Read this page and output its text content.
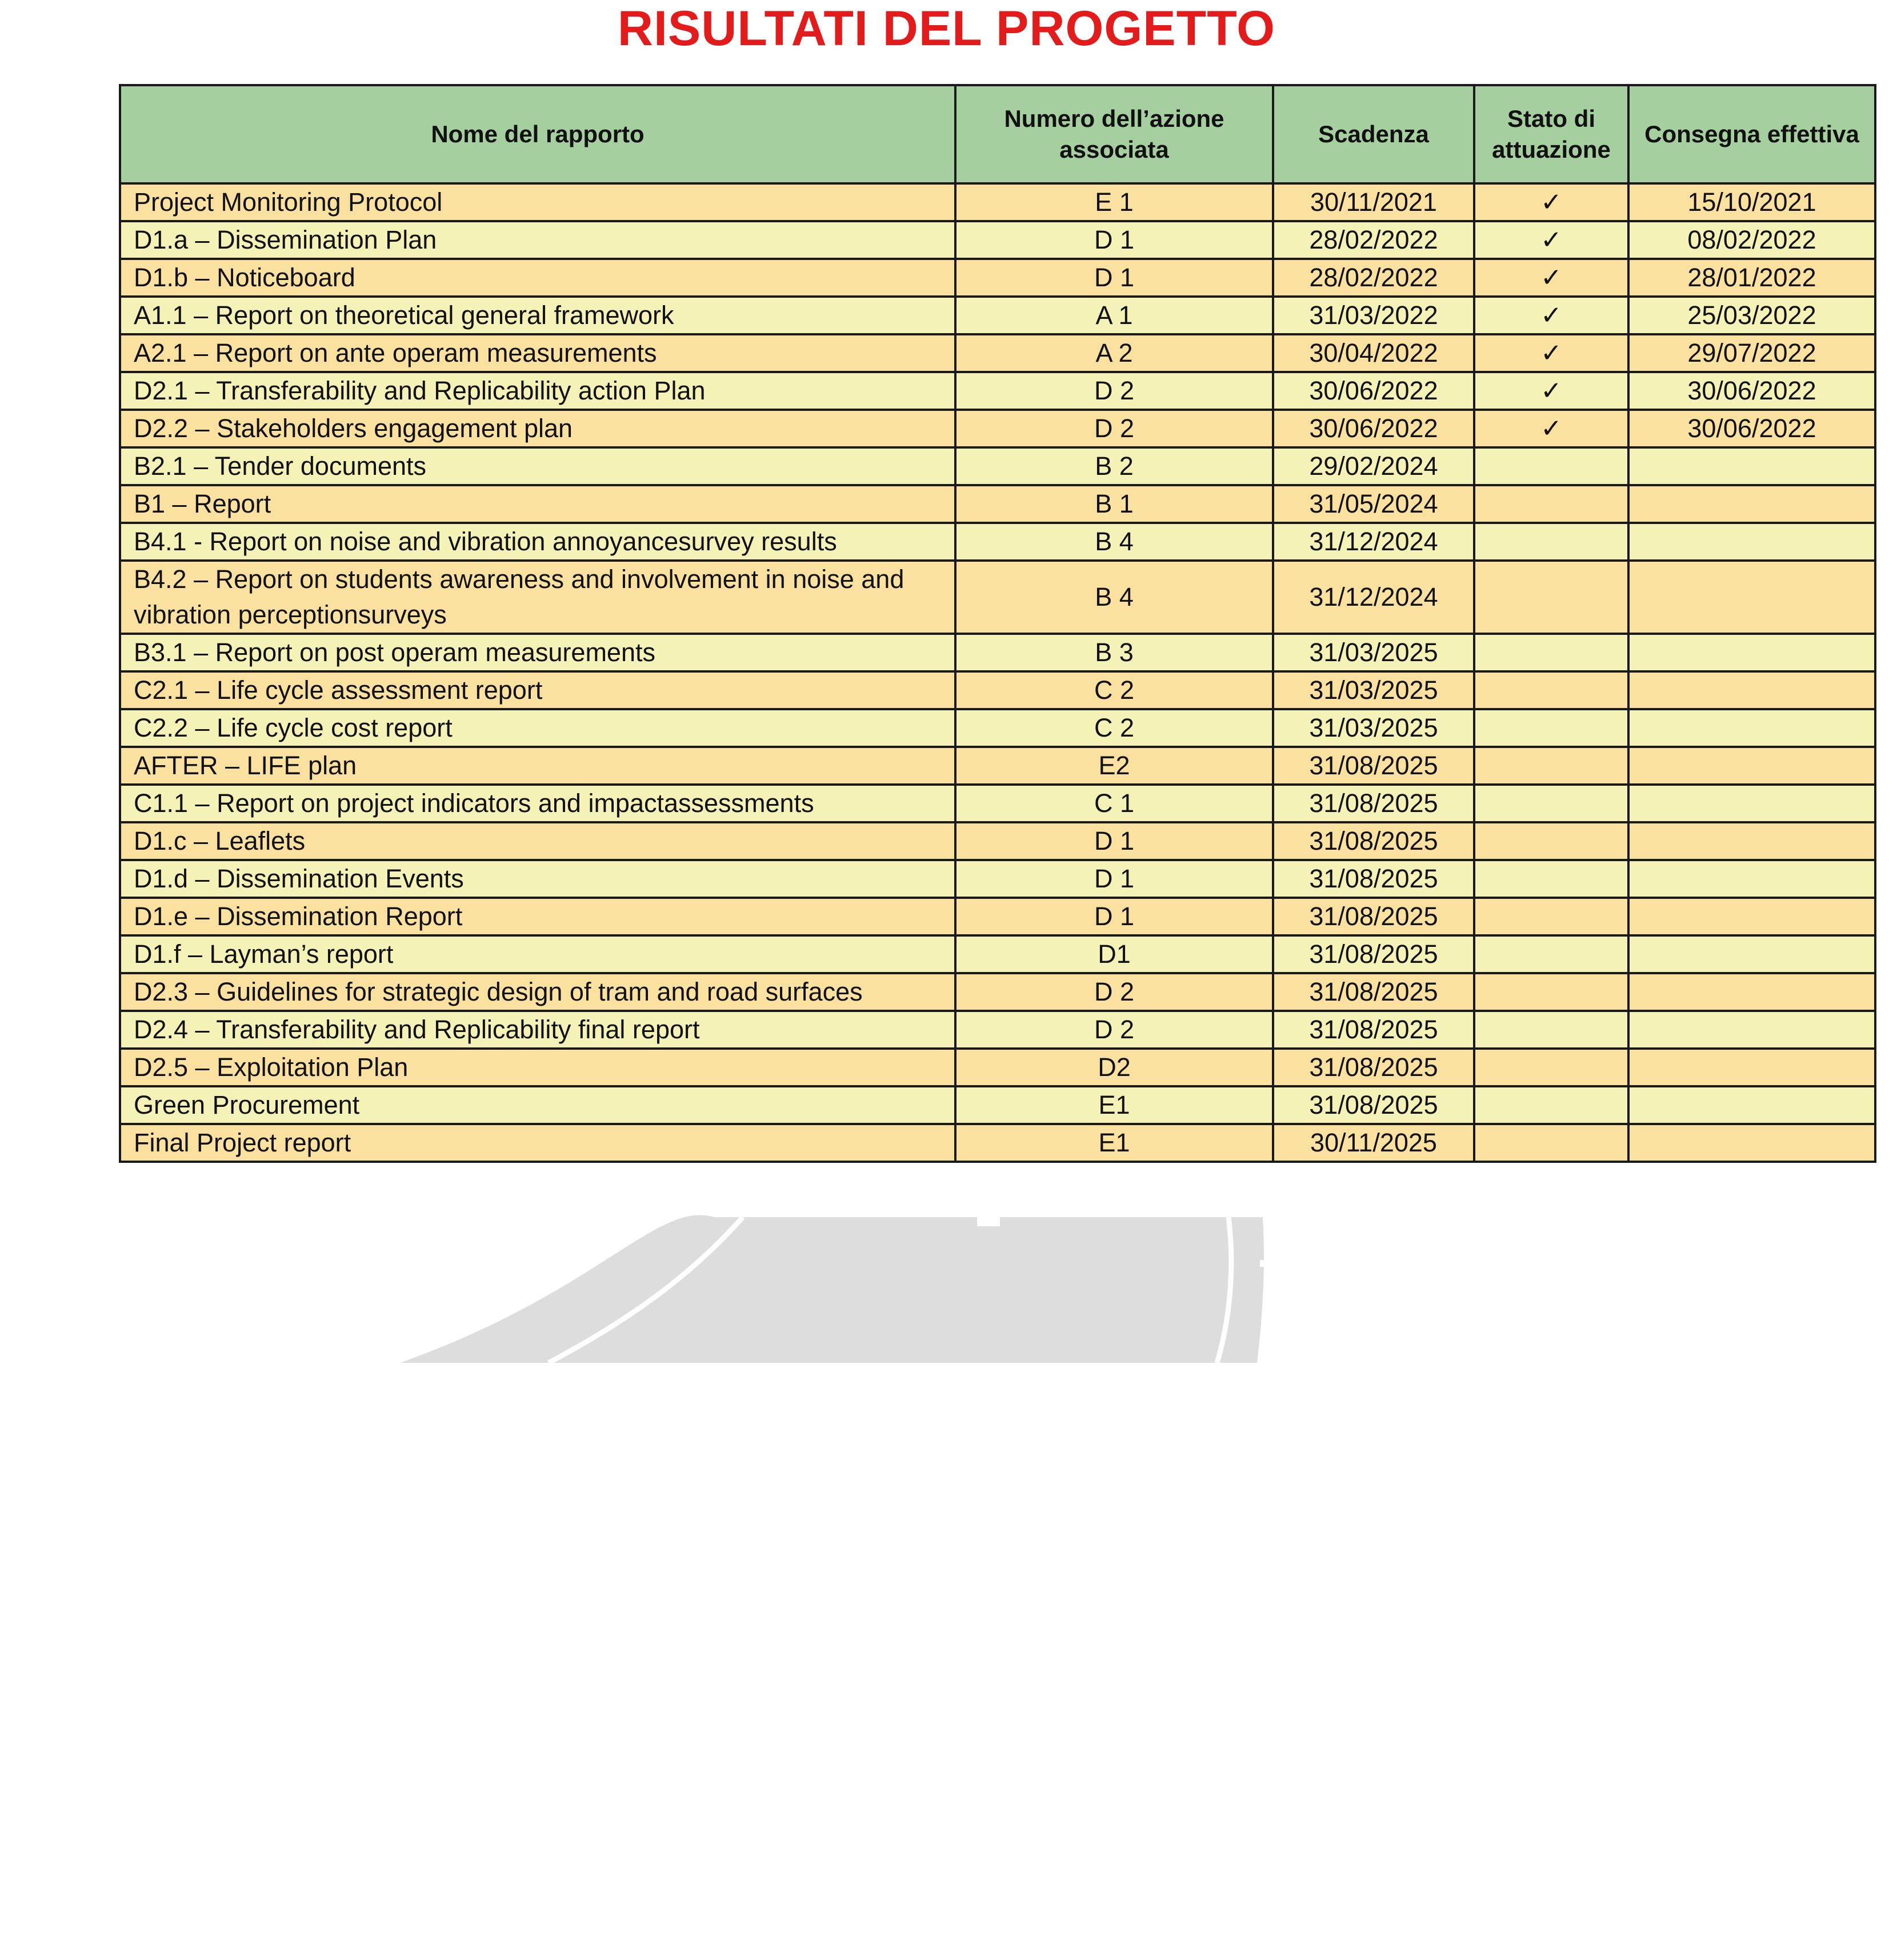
RISULTATI DEL PROGETTO
Nome del rapporto	Numero dell’azione associata	Scadenza	Stato di attuazione	Consegna effettiva
Project Monitoring Protocol	E 1	30/11/2021	✓	15/10/2021
D1.a – Dissemination Plan	D 1	28/02/2022	✓	08/02/2022
D1.b – Noticeboard	D 1	28/02/2022	✓	28/01/2022
A1.1 – Report on theoretical general framework	A 1	31/03/2022	✓	25/03/2022
A2.1 – Report on ante operam measurements	A 2	30/04/2022	✓	29/07/2022
D2.1 – Transferability and Replicability action Plan	D 2	30/06/2022	✓	30/06/2022
D2.2 – Stakeholders engagement plan	D 2	30/06/2022	✓	30/06/2022
B2.1 – Tender documents	B 2	29/02/2024		
B1 – Report	B 1	31/05/2024		
B4.1 - Report on noise and vibration annoyancesurvey results	B 4	31/12/2024		
B4.2 – Report on students awareness and involvement in noise and vibration perceptionsurveys	B 4	31/12/2024		
B3.1 – Report on post operam measurements	B 3	31/03/2025		
C2.1 – Life cycle assessment report	C 2	31/03/2025		
C2.2 – Life cycle cost report	C 2	31/03/2025		
AFTER – LIFE plan	E2	31/08/2025		
C1.1 – Report on project indicators and impactassessments	C 1	31/08/2025		
D1.c – Leaflets	D 1	31/08/2025		
D1.d – Dissemination Events	D 1	31/08/2025		
D1.e – Dissemination Report	D 1	31/08/2025		
D1.f – Layman’s report	D1	31/08/2025		
D2.3 – Guidelines for strategic design of tram and road surfaces	D 2	31/08/2025		
D2.4 – Transferability and Replicability final report	D 2	31/08/2025		
D2.5 – Exploitation Plan	D2	31/08/2025		
Green Procurement	E1	31/08/2025		
Final Project report	E1	30/11/2025		
